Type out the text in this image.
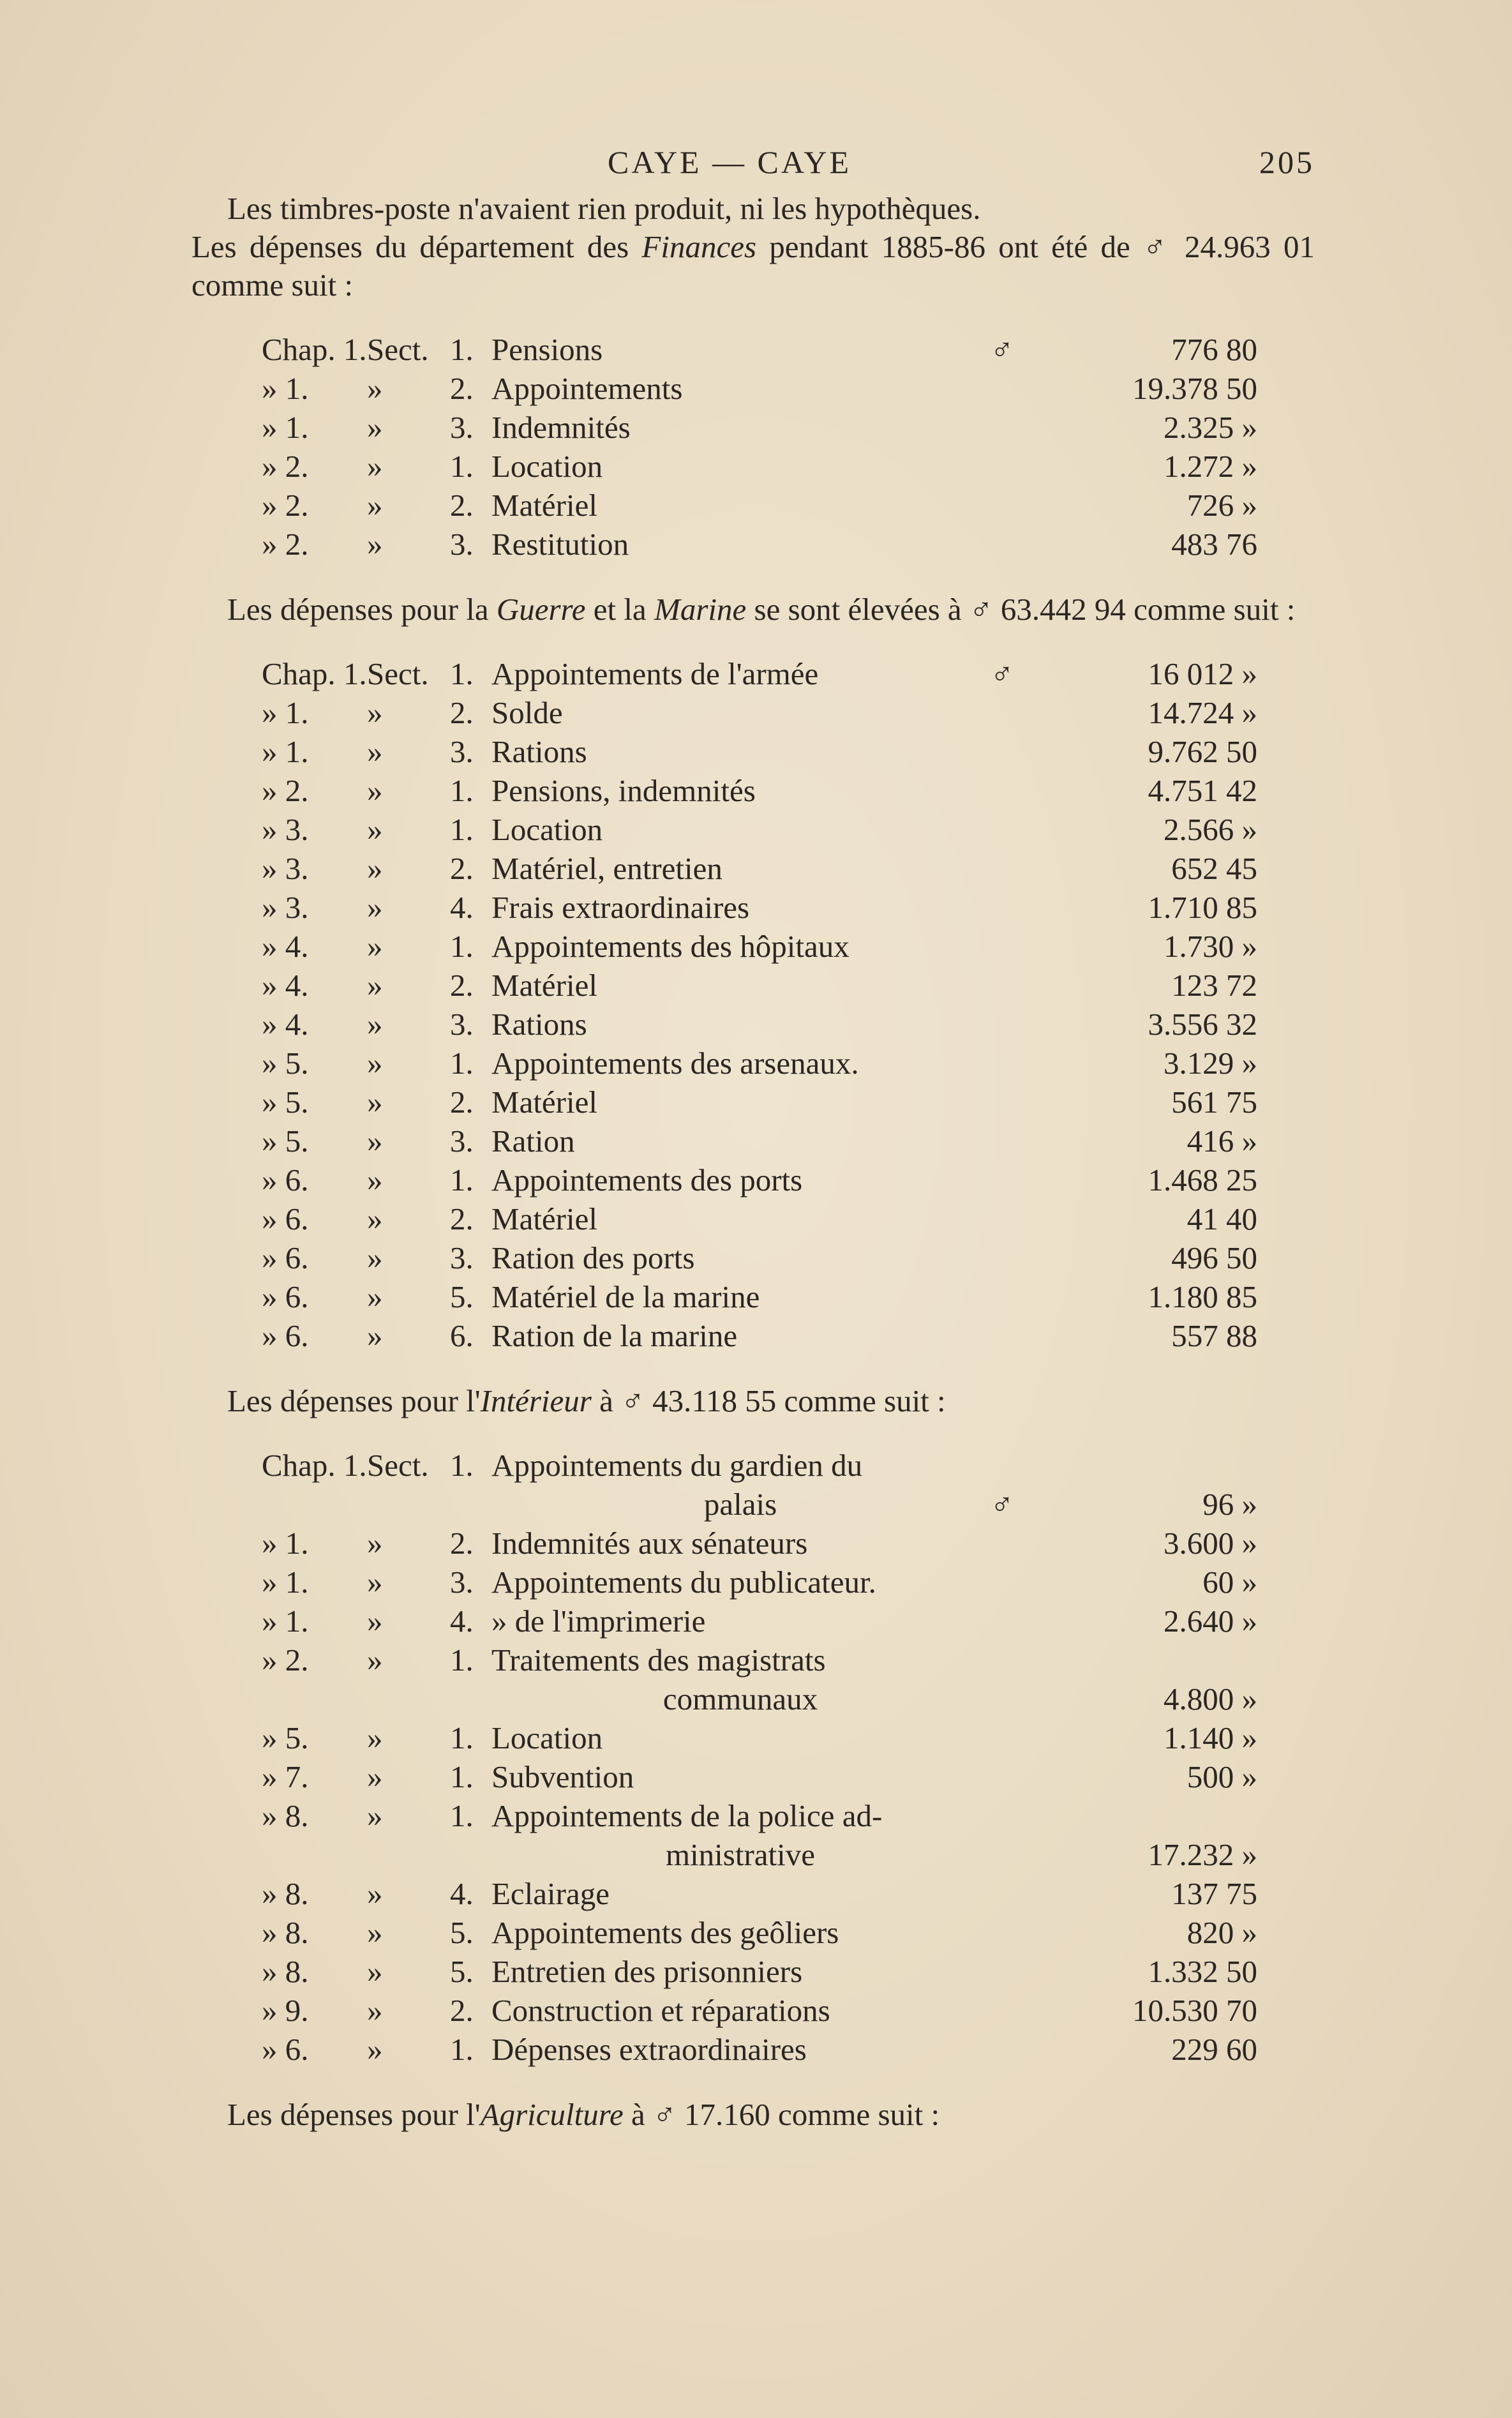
CAYE — CAYE	205

Les timbres-poste n'avaient rien produit, ni les hypothèques.
Les dépenses du département des Finances pendant 1885-86 ont été de ♂ 24.963 01 comme suit :

Chap. 1.	Sect.	1.	Pensions	♂	776 80
» 1.	»	2.	Appointements		19.378 50
» 1.	»	3.	Indemnités		2.325 »
» 2.	»	1.	Location		1.272 »
» 2.	»	2.	Matériel		726 »
» 2.	»	3.	Restitution		483 76

Les dépenses pour la Guerre et la Marine se sont élevées à ♂ 63.442 94 comme suit :

Chap. 1.	Sect.	1.	Appointements de l'armée	♂	16 012 »
» 1.	»	2.	Solde		14.724 »
» 1.	»	3.	Rations		9.762 50
» 2.	»	1.	Pensions, indemnités		4.751 42
» 3.	»	1.	Location		2.566 »
» 3.	»	2.	Matériel, entretien		652 45
» 3.	»	4.	Frais extraordinaires		1.710 85
» 4.	»	1.	Appointements des hôpitaux		1.730 »
» 4.	»	2.	Matériel		123 72
» 4.	»	3.	Rations		3.556 32
» 5.	»	1.	Appointements des arsenaux.		3.129 »
» 5.	»	2.	Matériel		561 75
» 5.	»	3.	Ration		416 »
» 6.	»	1.	Appointements des ports		1.468 25
» 6.	»	2.	Matériel		41 40
» 6.	»	3.	Ration des ports		496 50
» 6.	»	5.	Matériel de la marine		1.180 85
» 6.	»	6.	Ration de la marine		557 88

Les dépenses pour l'Intérieur à ♂ 43.118 55 comme suit :

Chap. 1.	Sect.	1.	Appointements du gardien du
palais	♂	96 »
» 1.	»	2.	Indemnités aux sénateurs		3.600 »
» 1.	»	3.	Appointements du publicateur.		60 »
» 1.	»	4.	» de l'imprimerie		2.640 »
» 2.	»	1.	Traitements des magistrats
communaux		4.800 »
» 5.	»	1.	Location		1.140 »
» 7.	»	1.	Subvention		500 »
» 8.	»	1.	Appointements de la police ad-
ministrative		17.232 »
» 8.	»	4.	Eclairage		137 75
» 8.	»	5.	Appointements des geôliers		820 »
» 8.	»	5.	Entretien des prisonniers		1.332 50
» 9.	»	2.	Construction et réparations		10.530 70
» 6.	»	1.	Dépenses extraordinaires		229 60

Les dépenses pour l'Agriculture à ♂ 17.160 comme suit :
